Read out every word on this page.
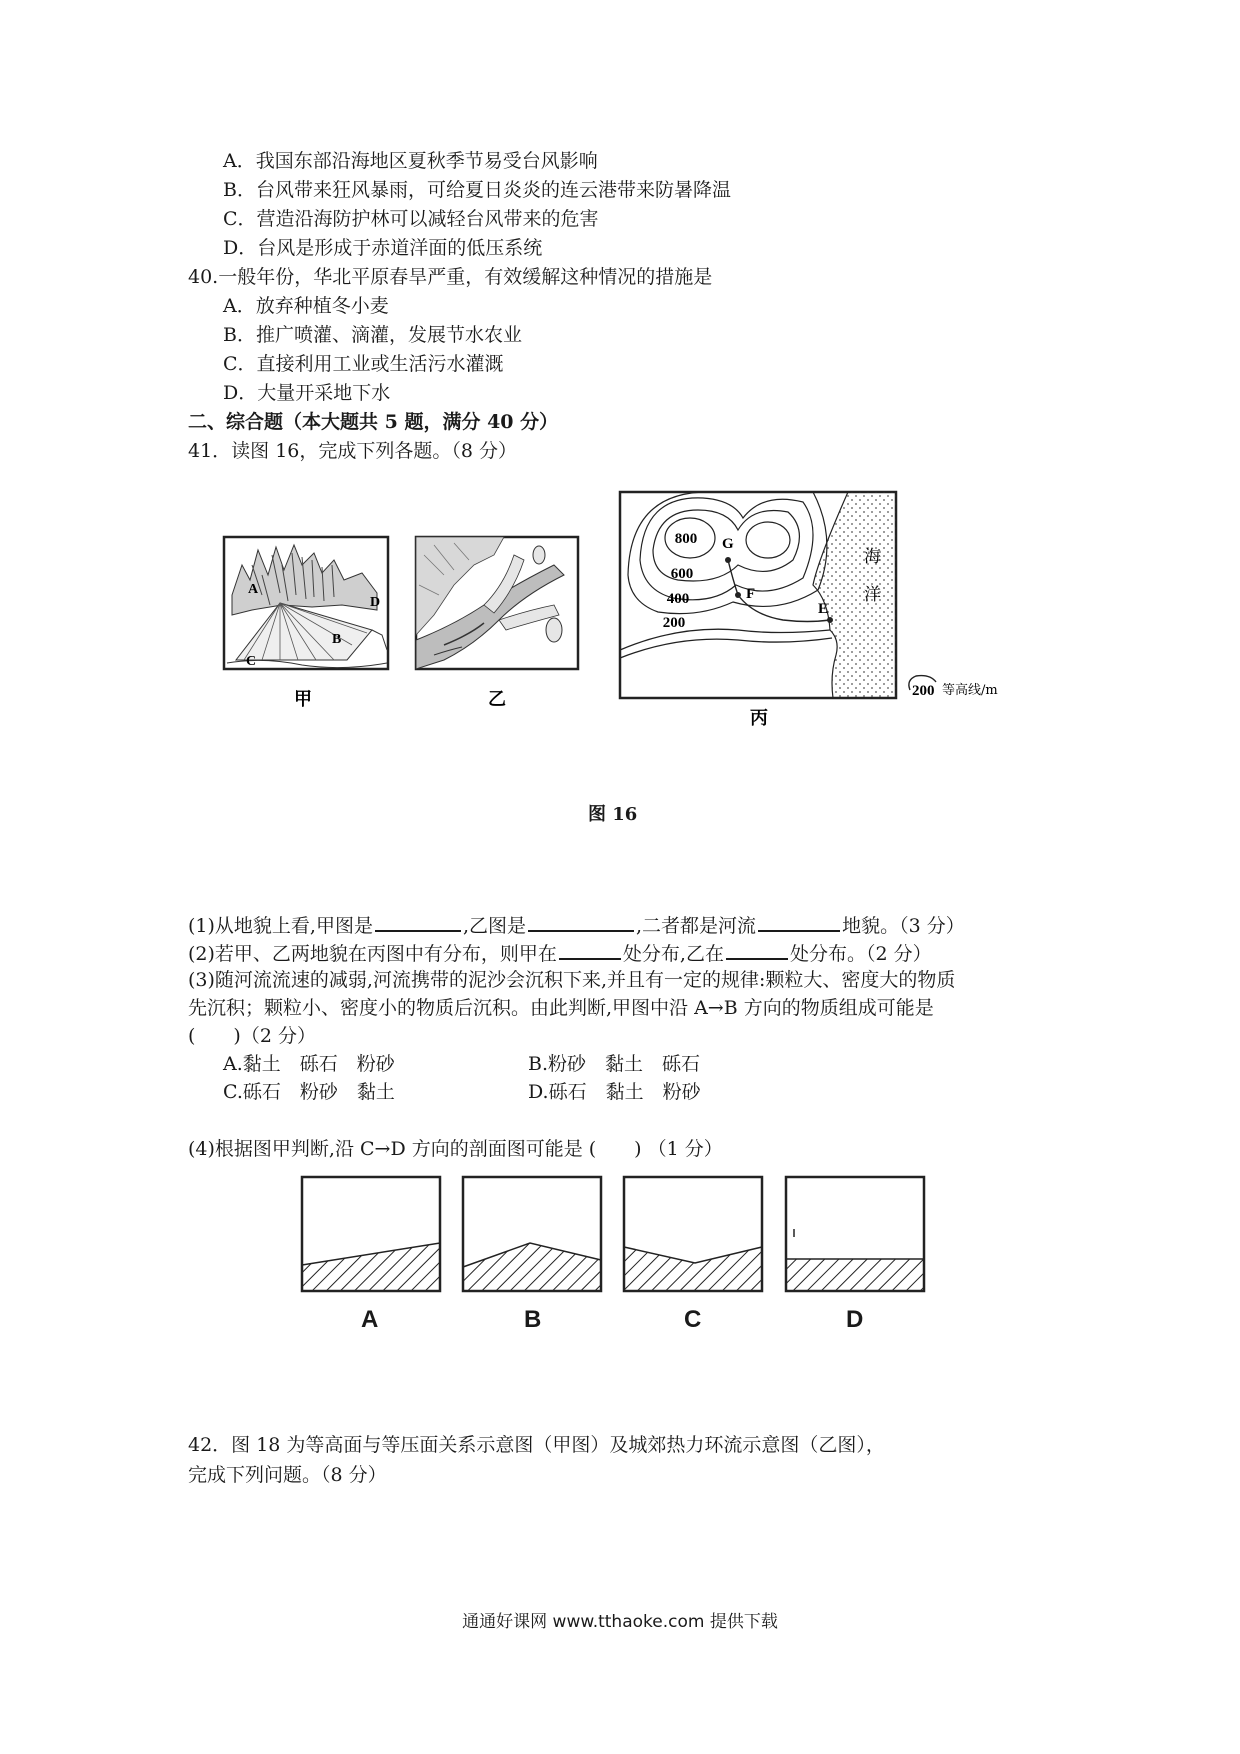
A．我国东部沿海地区夏秋季节易受台风影响
B．台风带来狂风暴雨，可给夏日炎炎的连云港带来防暑降温
C．营造沿海防护林可以减轻台风带来的危害
D．台风是形成于赤道洋面的低压系统
40.一般年份，华北平原春旱严重，有效缓解这种情况的措施是
A．放弃种植冬小麦
B．推广喷灌、滴灌，发展节水农业
C．直接利用工业或生活污水灌溉
D．大量开采地下水
二、综合题（本大题共 5 题，满分 40 分）
41．读图 16，完成下列各题。（8 分）
A
B
C
D
甲	乙
800
600
400
200
G
F
E
海
洋
200 等高线/m
丙
图 16
(1)从地貌上看,甲图是	,乙图是	,二者都是河流	地貌。（3 分）
(2)若甲、乙两地貌在丙图中有分布，则甲在	处分布,乙在	处分布。（2 分）
(3)随河流流速的减弱,河流携带的泥沙会沉积下来,并且有一定的规律:颗粒大、密度大的物质
先沉积；颗粒小、密度小的物质后沉积。由此判断,甲图中沿 A→B 方向的物质组成可能是
(　　)（2 分）
A.黏土　砾石　粉砂	B.粉砂　黏土　砾石
C.砾石　粉砂　黏土	D.砾石　黏土　粉砂
(4)根据图甲判断,沿 C→D 方向的剖面图可能是 (　　) （1 分）
A	B	C	D
42．图 18 为等高面与等压面关系示意图（甲图）及城郊热力环流示意图（乙图），
完成下列问题。（8 分）
通通好课网 www.tthaoke.com 提供下载
